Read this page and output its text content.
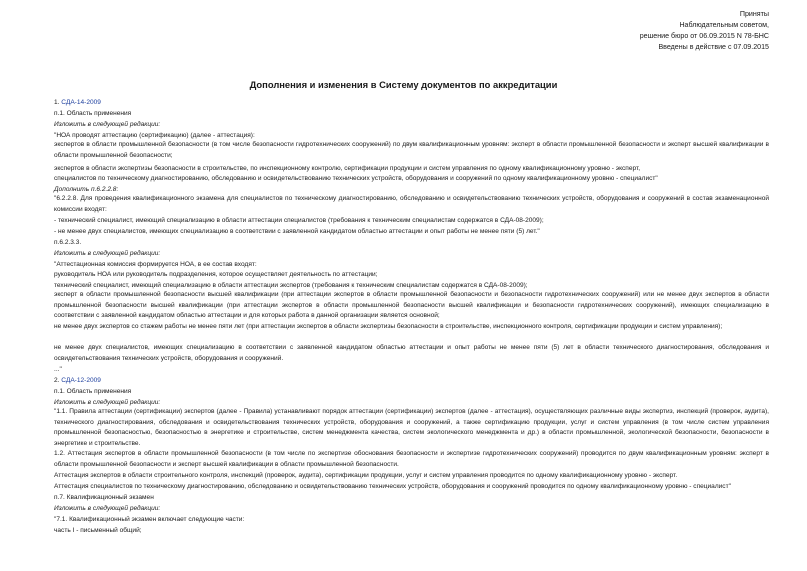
Приняты
Наблюдательным советом,
решение бюро от 06.09.2015 N 78-БНС
Введены в действие с 07.09.2015
Дополнения и изменения в Систему документов по аккредитации
1. СДА-14-2009
п.1. Область применения
Изложить в следующей редакции:
"НОА проводят аттестацию (сертификацию) (далее - аттестация):
экспертов в области промышленной безопасности (в том числе безопасности гидротехнических сооружений) по двум квалификационным уровням: эксперт в области промышленной безопасности и эксперт высшей квалификации в области промышленной безопасности;
экспертов в области экспертизы безопасности в строительстве, по инспекционному контролю, сертификации продукции и систем управления по одному квалификационному уровню - эксперт,
специалистов по техническому диагностированию, обследованию и освидетельствованию технических устройств, оборудования и сооружений по одному квалификационному уровню - специалист"
Дополнить п.6.2.2.8:
"6.2.2.8. Для проведения квалификационного экзамена для специалистов по техническому диагностированию, обследованию и освидетельствованию технических устройств, оборудования и сооружений в состав экзаменационной комиссии входят:
- технический специалист, имеющий специализацию в области аттестации специалистов (требования к техническим специалистам содержатся в СДА-08-2009);
- не менее двух специалистов, имеющих специализацию в соответствии с заявленной кандидатом областью аттестации и опыт работы не менее пяти (5) лет."
п.6.2.3.3.
Изложить в следующей редакции:
"Аттестационная комиссия формируется НОА, в ее состав входят:
руководитель НОА или руководитель подразделения, которое осуществляет деятельность по аттестации;
технический специалист, имеющий специализацию в области аттестации экспертов (требования к техническим специалистам содержатся в СДА-08-2009);
эксперт в области промышленной безопасности высшей квалификации (при аттестации экспертов в области промышленной безопасности и безопасности гидротехнических сооружений) или не менее двух экспертов в области промышленной безопасности высшей квалификации (при аттестации экспертов в области промышленной безопасности высшей квалификации и безопасности гидротехнических сооружений), имеющих специализацию в соответствии с заявленной кандидатом областью аттестации и для которых работа в данной организации является основной;
не менее двух экспертов со стажем работы не менее пяти лет (при аттестации экспертов в области экспертизы безопасности в строительстве, инспекционного контроля, сертификации продукции и систем управления);
не менее двух специалистов, имеющих специализацию в соответствии с заявленной кандидатом областью аттестации и опыт работы не менее пяти (5) лет в области технического диагностирования, обследования и освидетельствования технических устройств, оборудования и сооружений.
..."
2. СДА-12-2009
п.1. Область применения
Изложить в следующей редакции:
"1.1. Правила аттестации (сертификации) экспертов (далее - Правила) устанавливают порядок аттестации (сертификации) экспертов (далее - аттестация), осуществляющих различные виды экспертиз, инспекций (проверок, аудита), технического диагностирования, обследования и освидетельствования технических устройств, оборудования и сооружений, а также сертификацию продукции, услуг и систем управления (в том числе систем управления промышленной безопасностью, безопасностью в энергетике и строительстве, систем менеджмента качества, систем экологического менеджмента и др.) в области промышленной, экологической безопасности, безопасности в энергетике и строительстве.
1.2. Аттестация экспертов в области промышленной безопасности (в том числе по экспертизе обоснования безопасности и экспертизе гидротехнических сооружений) проводится по двум квалификационным уровням: эксперт в области промышленной безопасности и эксперт высшей квалификации в области промышленной безопасности.
Аттестация экспертов в области строительного контроля, инспекций (проверок, аудита), сертификации продукции, услуг и систем управления проводится по одному квалификационному уровню - эксперт.
Аттестация специалистов по техническому диагностированию, обследованию и освидетельствованию технических устройств, оборудования и сооружений проводится по одному квалификационному уровню - специалист"
п.7. Квалификационный экзамен
Изложить в следующей редакции:
"7.1. Квалификационный экзамен включает следующие части:
часть I - письменный общий;
